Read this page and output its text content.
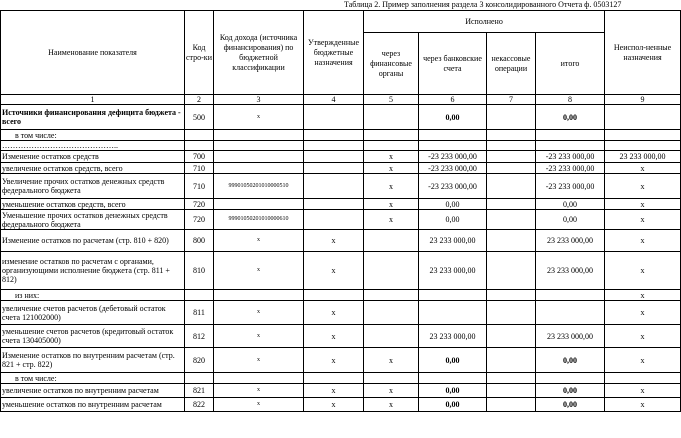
Таблица 2. Пример заполнения раздела 3 консолидированного Отчета ф. 0503127
Наименование показателя	Код стро-ки	Код дохода (источника финансирования) по бюджетной классификации	Утвержденные бюджетные назначения	Исполнено				Неиспол-ненные назначения
				через финансовые органы	через банковские счета	некассовые операции	итого	
1	2	3	4	5	6	7	8	9
Источники финансирования дефицита бюджета - всего	500	x			0,00		0,00	
в том числе:								
……………………………………..								
Изменение остатков средств	700			x	-23 233 000,00		-23 233 000,00	23 233 000,00
увеличение остатков средств, всего	710			x	-23 233 000,00		-23 233 000,00	x
Увеличение прочих остатков денежных средств федерального бюджета	710	99901050201010000510		x	-23 233 000,00		-23 233 000,00	x
уменьшение остатков средств, всего	720			x	0,00		0,00	x
Уменьшение прочих остатков денежных средств федерального бюджета	720	99901050201010000610		x	0,00		0,00	x
Изменение остатков по расчетам (стр. 810 + 820)	800	x	x		23 233 000,00		23 233 000,00	x
изменение остатков по расчетам с органами, организующими исполнение бюджета (стр. 811 + 812)	810	x	x		23 233 000,00		23 233 000,00	x
из них:								x
увеличение счетов расчетов (дебетовый остаток счета 121002000)	811	x	x					x
уменьшение счетов расчетов (кредитовый остаток счета 130405000)	812	x	x		23 233 000,00		23 233 000,00	x
Изменение остатков по внутренним расчетам (стр. 821 + стр. 822)	820	x	x	x	0,00		0,00	x
в том числе:								
увеличение остатков по внутренним расчетам	821	x	x	x	0,00		0,00	x
уменьшение остатков по внутренним расчетам	822	x	x	x	0,00		0,00	x
